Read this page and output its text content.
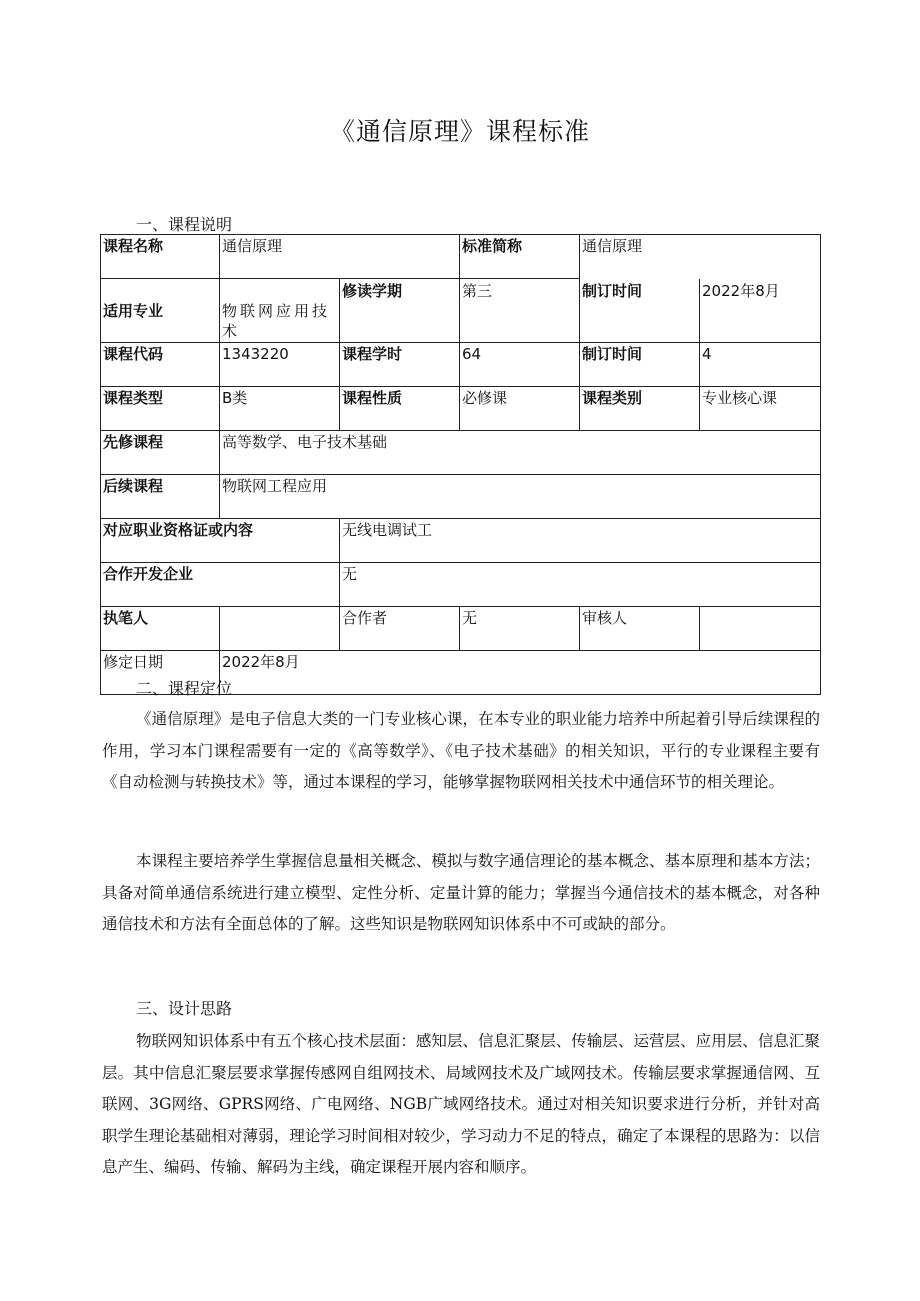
《通信原理》课程标准
一、课程说明
课程名称	通信原理		标准简称	通信原理	
适用专业	物联网应用技术	修读学期	第三	制订时间	2022年8月
课程代码	1343220	课程学时	64	制订时间	4
课程类型	B类	课程性质	必修课	课程类别	专业核心课
先修课程	高等数学、电子技术基础				
后续课程	物联网工程应用				
对应职业资格证或内容		无线电调试工			
合作开发企业		无			
执笔人		合作者	无	审核人	
修定日期	2022年8月				
二、课程定位

《通信原理》是电子信息大类的一门专业核心课，在本专业的职业能力培养中所起着引导后续课程的作用，学习本门课程需要有一定的《高等数学》、《电子技术基础》的相关知识，平行的专业课程主要有《自动检测与转换技术》等，通过本课程的学习，能够掌握物联网相关技术中通信环节的相关理论。

本课程主要培养学生掌握信息量相关概念、模拟与数字通信理论的基本概念、基本原理和基本方法；具备对简单通信系统进行建立模型、定性分析、定量计算的能力；掌握当今通信技术的基本概念，对各种通信技术和方法有全面总体的了解。这些知识是物联网知识体系中不可或缺的部分。

三、设计思路

物联网知识体系中有五个核心技术层面：感知层、信息汇聚层、传输层、运营层、应用层、信息汇聚层。其中信息汇聚层要求掌握传感网自组网技术、局域网技术及广域网技术。传输层要求掌握通信网、互联网、3G网络、GPRS网络、广电网络、NGB广域网络技术。通过对相关知识要求进行分析，并针对高职学生理论基础相对薄弱，理论学习时间相对较少，学习动力不足的特点，确定了本课程的思路为：以信息产生、编码、传输、解码为主线，确定课程开展内容和顺序。
